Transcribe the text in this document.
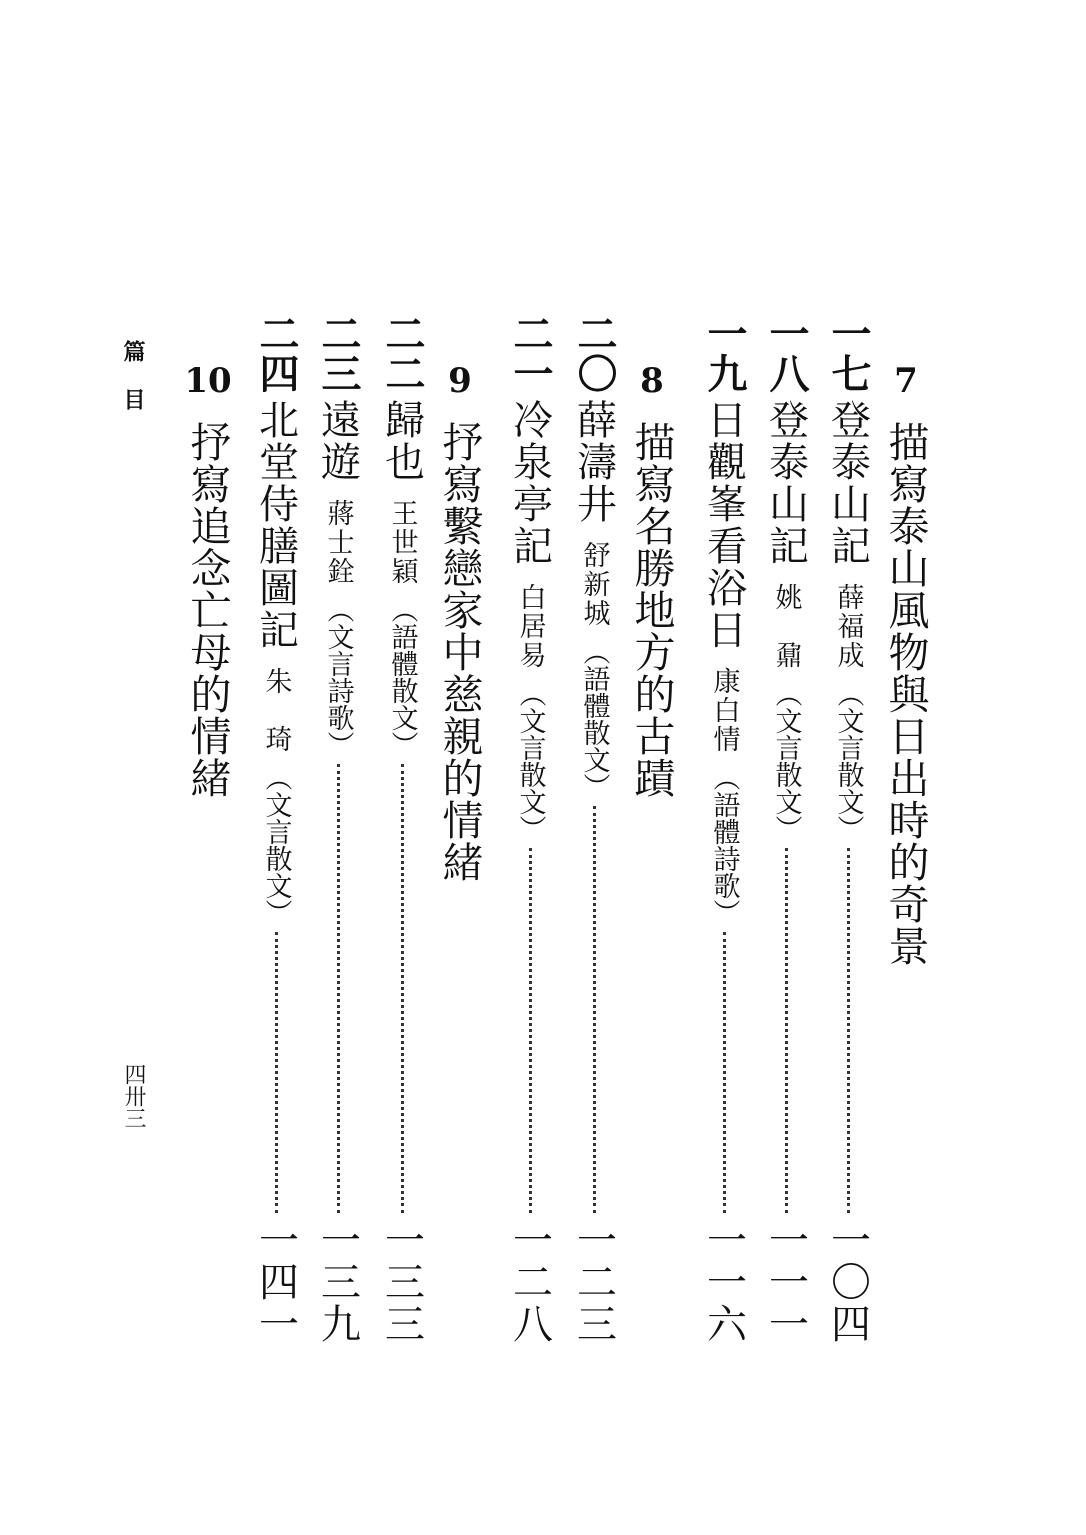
篇 目
四卅三
7
描寫泰山風物與日出時的奇景
一七
登泰山記
薛福成
（文言散文）
一〇四
一八
登泰山記
姚　鼐
（文言散文）
一一一
一九
日觀峯看浴日
康白情
（語體詩歌）
一一六
8
描寫名勝地方的古蹟
二〇
薛濤井
舒新城
（語體散文）
一二三
二一
冷泉亭記
白居易
（文言散文）
一二八
9
抒寫繫戀家中慈親的情緒
二二
歸也
王世穎
（語體散文）
一三三
二三
遠遊
蔣士銓
（文言詩歌）
一三九
二四
北堂侍膳圖記
朱　琦
（文言散文）
一四一
10
抒寫追念亡母的情緒
